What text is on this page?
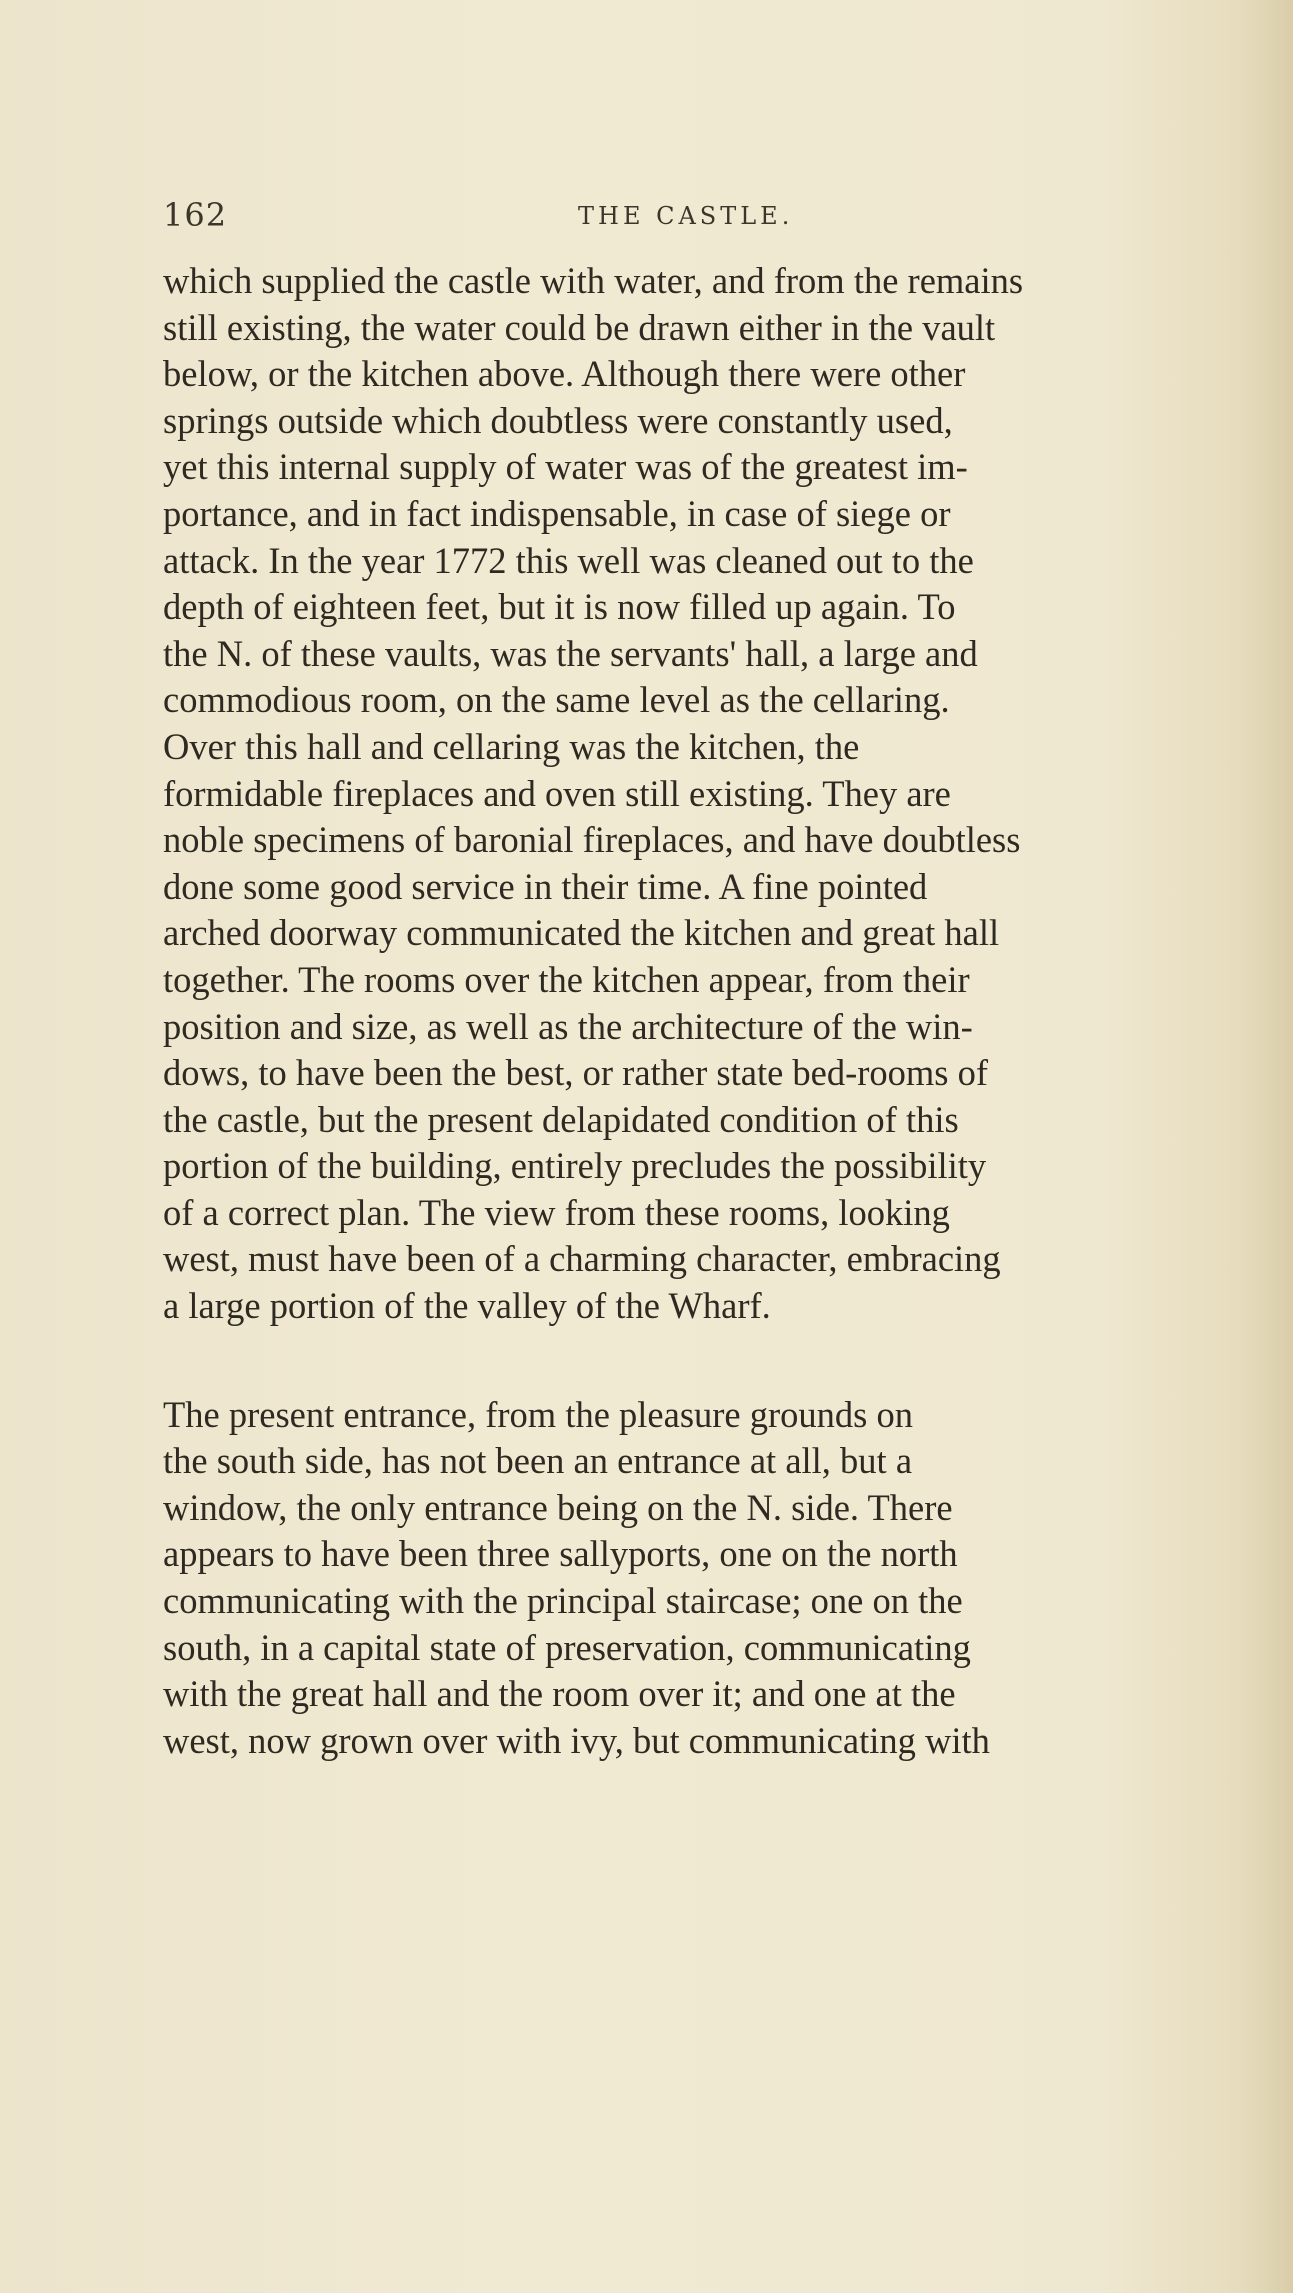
162	THE CASTLE.
which supplied the castle with water, and from the remains
still existing, the water could be drawn either in the vault
below, or the kitchen above. Although there were other
springs outside which doubtless were constantly used,
yet this internal supply of water was of the greatest im-
portance, and in fact indispensable, in case of siege or
attack. In the year 1772 this well was cleaned out to the
depth of eighteen feet, but it is now filled up again. To
the N. of these vaults, was the servants' hall, a large and
commodious room, on the same level as the cellaring.
Over this hall and cellaring was the kitchen, the
formidable fireplaces and oven still existing. They are
noble specimens of baronial fireplaces, and have doubtless
done some good service in their time. A fine pointed
arched doorway communicated the kitchen and great hall
together. The rooms over the kitchen appear, from their
position and size, as well as the architecture of the win-
dows, to have been the best, or rather state bed-rooms of
the castle, but the present delapidated condition of this
portion of the building, entirely precludes the possibility
of a correct plan. The view from these rooms, looking
west, must have been of a charming character, embracing
a large portion of the valley of the Wharf.
The present entrance, from the pleasure grounds on
the south side, has not been an entrance at all, but a
window, the only entrance being on the N. side. There
appears to have been three sallyports, one on the north
communicating with the principal staircase; one on the
south, in a capital state of preservation, communicating
with the great hall and the room over it; and one at the
west, now grown over with ivy, but communicating with
